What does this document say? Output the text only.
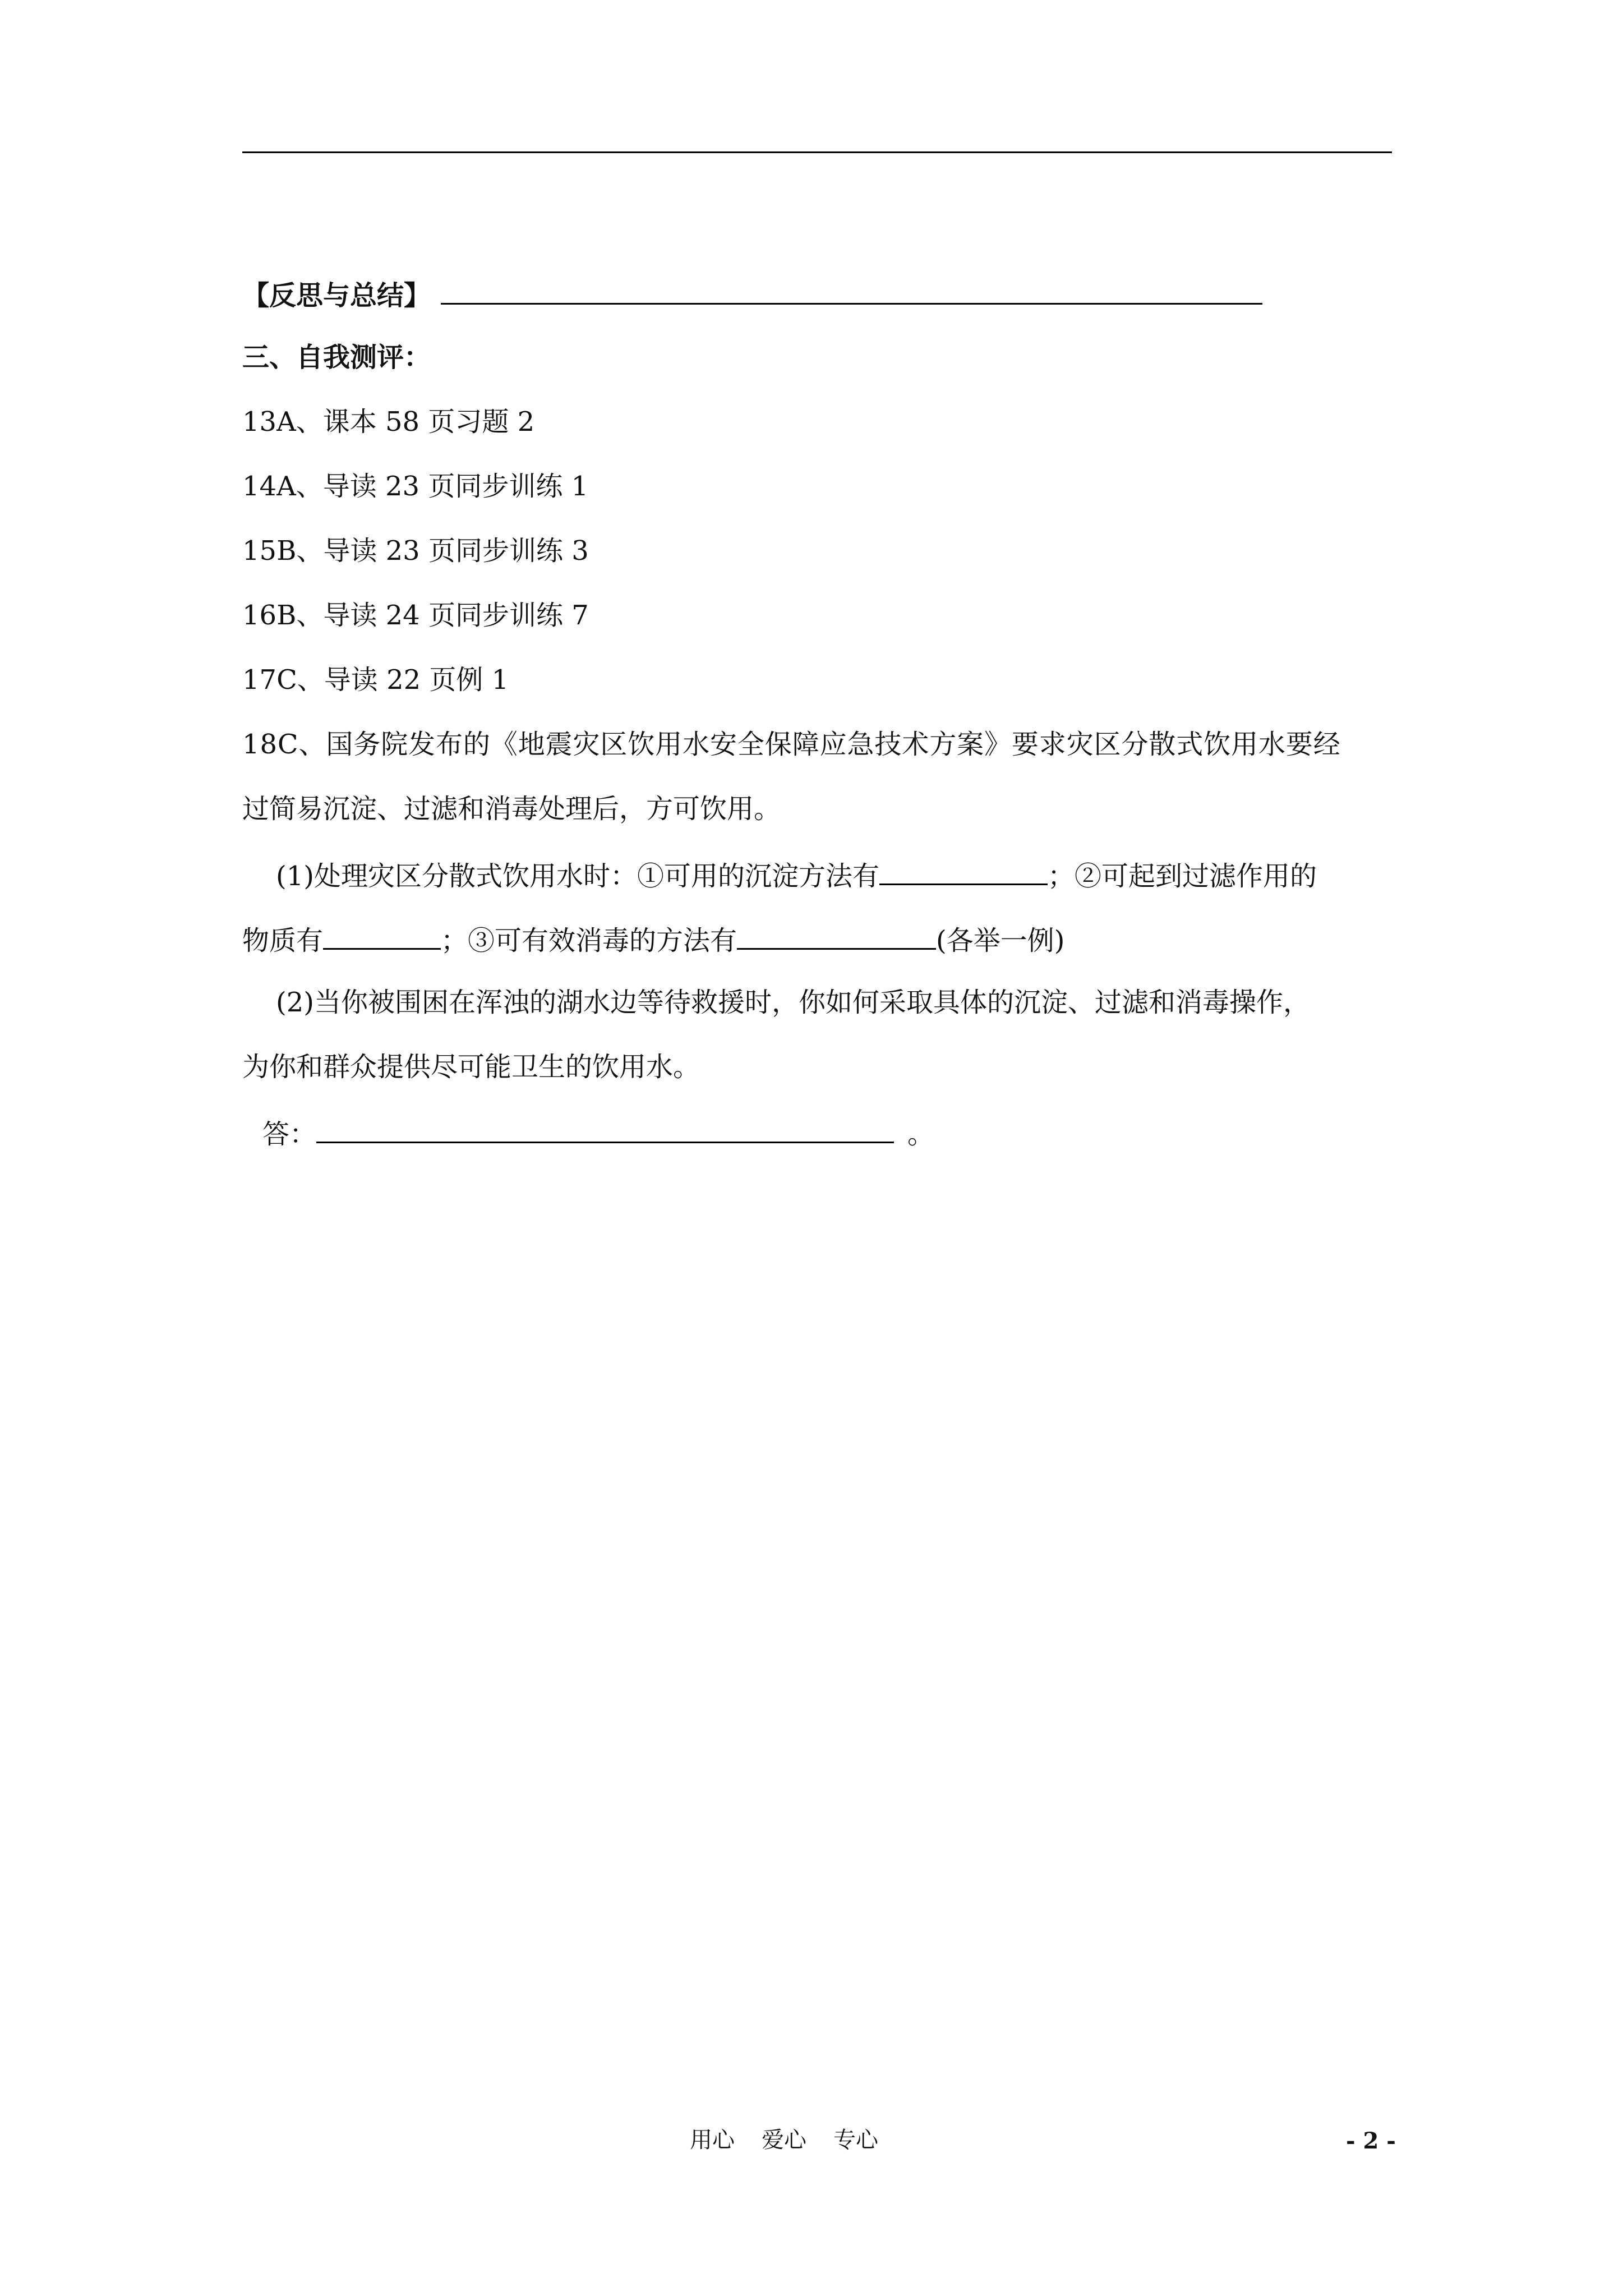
【反思与总结】
三、自我测评：
13A、课本 58 页习题 2
14A、导读 23 页同步训练 1
15B、导读 23 页同步训练 3
16B、导读 24 页同步训练 7
17C、导读 22 页例 1
18C、国务院发布的《地震灾区饮用水安全保障应急技术方案》要求灾区分散式饮用水要经
过简易沉淀、过滤和消毒处理后，方可饮用。
(1)处理灾区分散式饮用水时：①可用的沉淀方法有	；②可起到过滤作用的
物质有	；③可有效消毒的方法有	(各举一例)
(2)当你被围困在浑浊的湖水边等待救援时，你如何采取具体的沉淀、过滤和消毒操作，
为你和群众提供尽可能卫生的饮用水。
答：	。
用心 爱心 专心	- 2 -
